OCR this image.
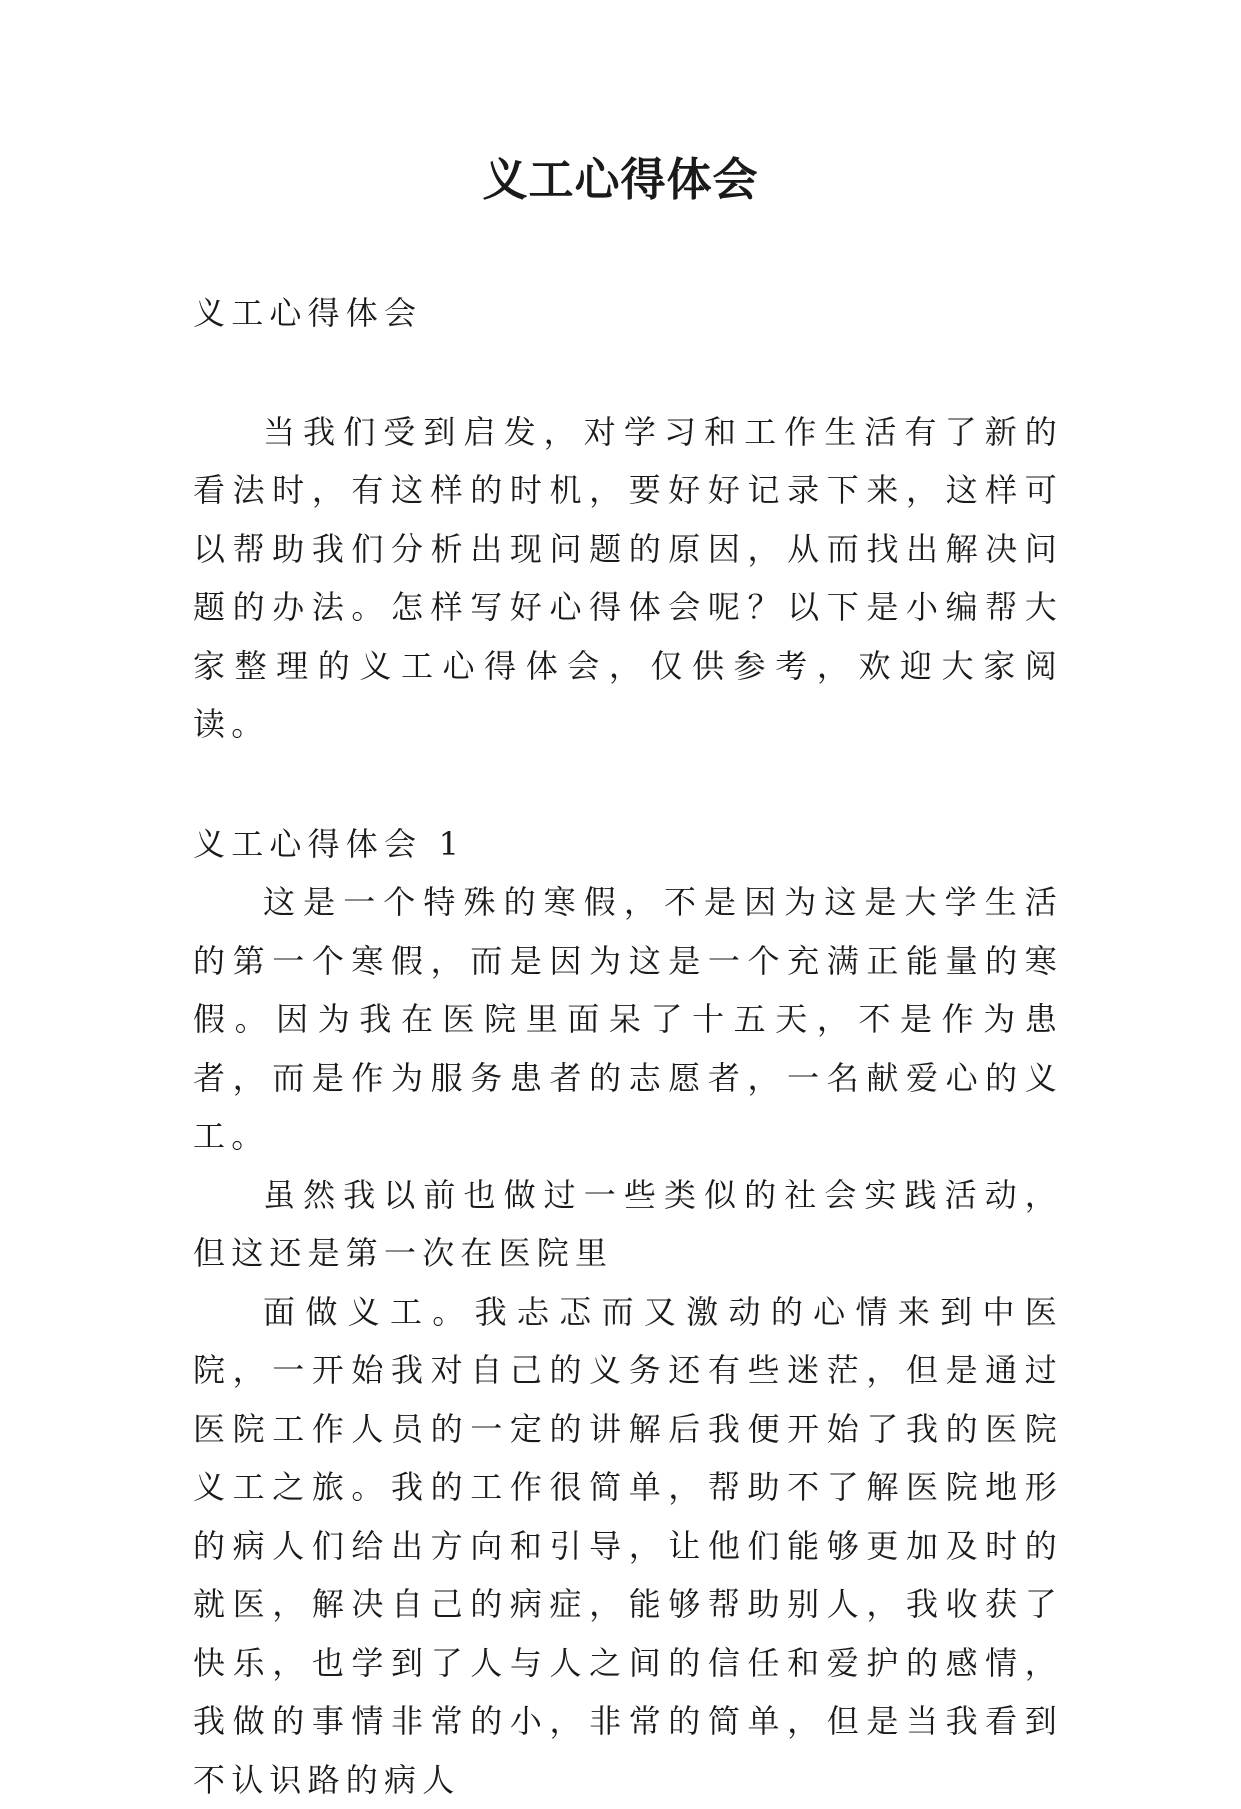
义工心得体会

义工心得体会

当我们受到启发，对学习和工作生活有了新的看法时，有这样的时机，要好好记录下来，这样可以帮助我们分析出现问题的原因，从而找出解决问题的办法。怎样写好心得体会呢？以下是小编帮大家整理的义工心得体会，仅供参考，欢迎大家阅读。

义工心得体会 1

这是一个特殊的寒假，不是因为这是大学生活的第一个寒假，而是因为这是一个充满正能量的寒假。因为我在医院里面呆了十五天，不是作为患者，而是作为服务患者的志愿者，一名献爱心的义工。

虽然我以前也做过一些类似的社会实践活动，但这还是第一次在医院里

面做义工。我忐忑而又激动的心情来到中医院，一开始我对自己的义务还有些迷茫，但是通过医院工作人员的一定的讲解后我便开始了我的医院义工之旅。我的工作很简单，帮助不了解医院地形的病人们给出方向和引导，让他们能够更加及时的就医，解决自己的病症，能够帮助别人，我收获了快乐，也学到了人与人之间的信任和爱护的感情，我做的事情非常的小，非常的简单，但是当我看到不认识路的病人
